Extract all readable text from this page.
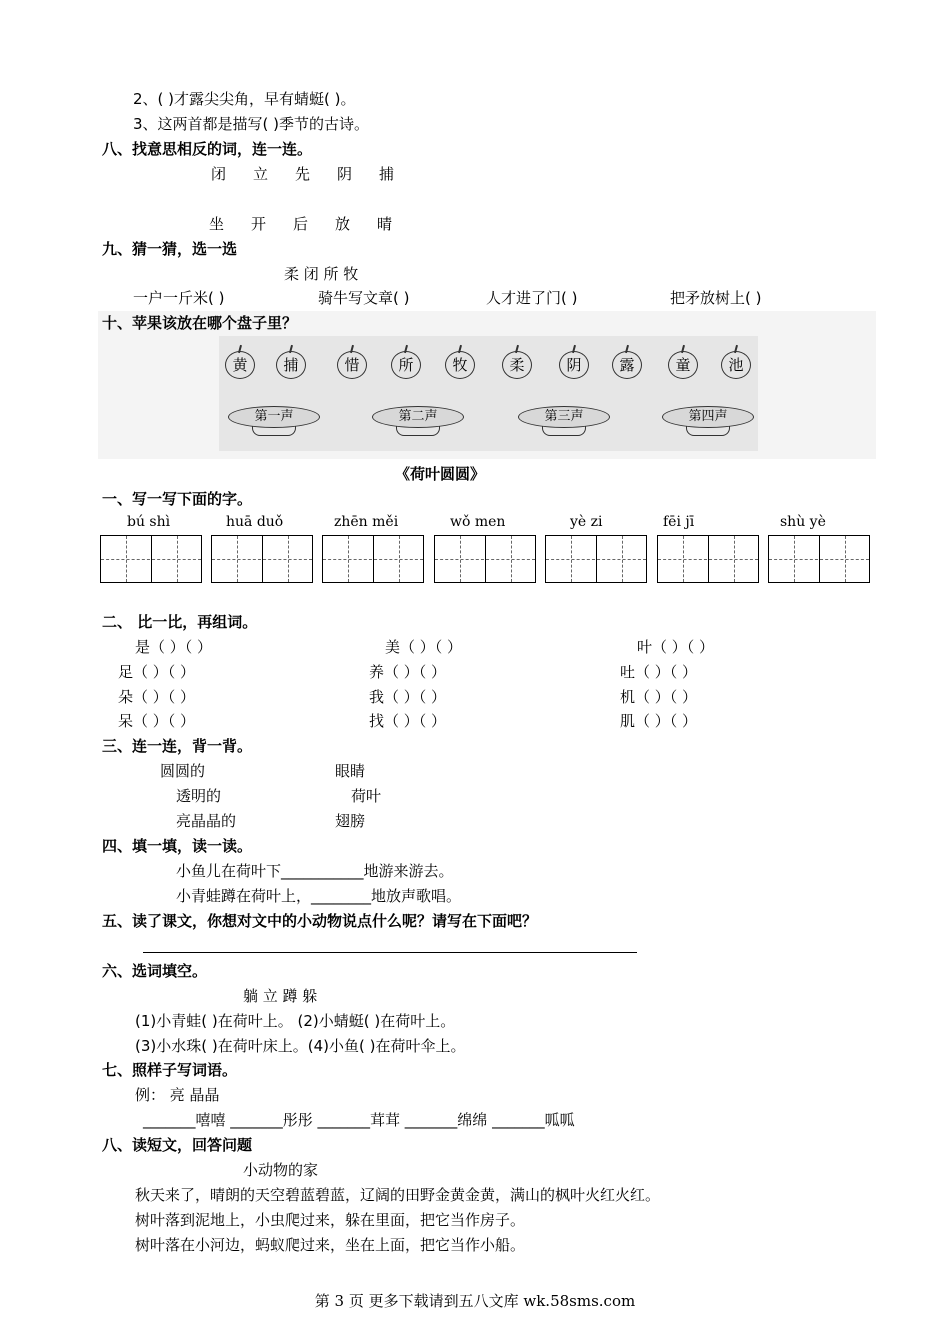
2、( )才露尖尖角，早有蜻蜓( )。
3、这两首都是描写( )季节的古诗。
八、找意思相反的词，连一连。
闭 立 先 阴 捕
坐 开 后 放 晴
九、猜一猜，选一选
柔 闭 所 牧
一户一斤米( )	骑牛写文章( )	人才进了门( )	把矛放树上( )
十、苹果该放在哪个盘子里？
黄	捕	惜	所	牧	柔	阴	露	童	池
第一声	第二声	第三声	第四声
《荷叶圆圆》
一、写一写下面的字。
bú shì	huā duǒ	zhēn měi	wǒ men	yè zi	fēi jī	shù yè
二、 比一比，再组词。
是（ ）（ ）	美（ ）（ ）	叶（ ）（ ）
足（ ）（ ）	养（ ）（ ）	吐（ ）（ ）
朵（ ）（ ）	我（ ）（ ）	机（ ）（ ）
呆（ ）（ ）	找（ ）（ ）	肌（ ）（ ）
三、连一连，背一背。
圆圆的
透明的
亮晶晶的
眼睛
荷叶
翅膀
四、填一填，读一读。
小鱼儿在荷叶下___________地游来游去。
小青蛙蹲在荷叶上，________地放声歌唱。
五、读了课文，你想对文中的小动物说点什么呢？请写在下面吧？
六、选词填空。
躺 立 蹲 躲
(1)小青蛙( )在荷叶上。 (2)小蜻蜓( )在荷叶上。
(3)小水珠( )在荷叶床上。(4)小鱼( )在荷叶伞上。
七、照样子写词语。
例： 亮 晶晶
_______嘻嘻 _______彤彤 _______茸茸 _______绵绵 _______呱呱
八、读短文，回答问题
小动物的家
秋天来了，晴朗的天空碧蓝碧蓝，辽阔的田野金黄金黄，满山的枫叶火红火红。
树叶落到泥地上，小虫爬过来，躲在里面，把它当作房子。
树叶落在小河边，蚂蚁爬过来，坐在上面，把它当作小船。
第 3 页 更多下载请到五八文库 wk.58sms.com
